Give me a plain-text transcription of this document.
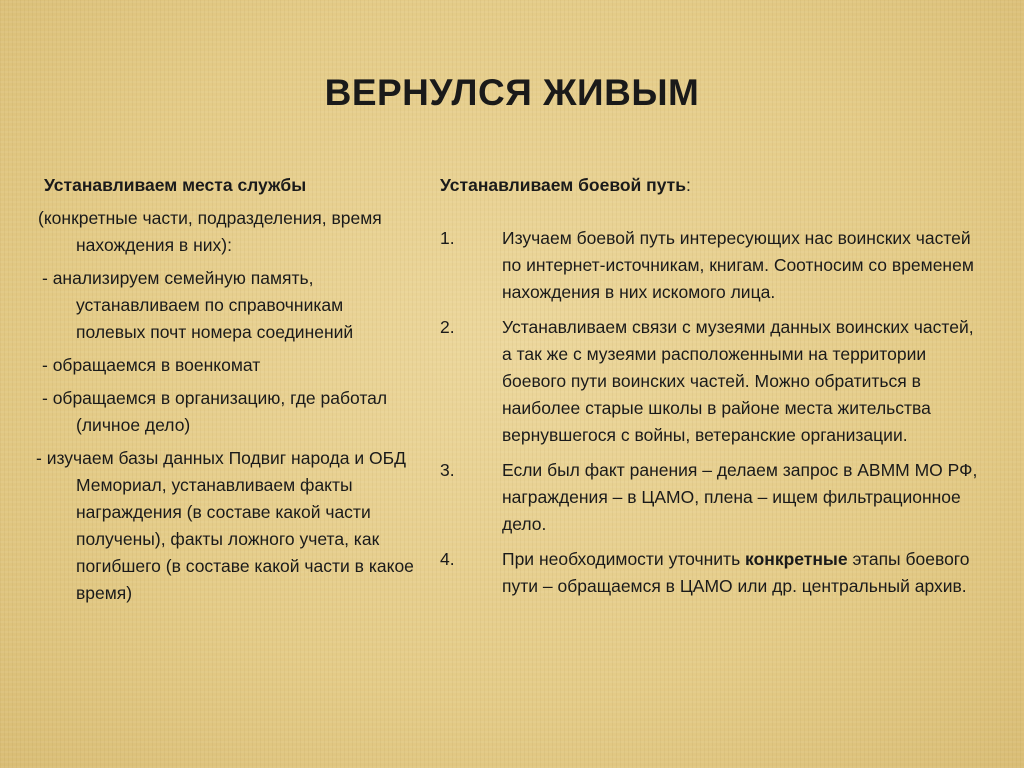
ВЕРНУЛСЯ ЖИВЫМ
Устанавливаем места службы
(конкретные части, подразделения, время нахождения в них):
- анализируем семейную память, устанавливаем по справочникам полевых почт номера соединений
- обращаемся в военкомат
- обращаемся в организацию, где работал (личное дело)
- изучаем базы данных Подвиг народа и ОБД Мемориал, устанавливаем факты награждения (в составе какой части получены), факты ложного учета, как погибшего (в составе какой части в какое время)
Устанавливаем боевой путь:
1.	Изучаем боевой путь интересующих нас воинских частей по интернет-источникам, книгам. Соотносим со временем нахождения в них искомого лица.
2.	Устанавливаем связи с музеями данных воинских частей, а так же с музеями расположенными на территории боевого пути воинских частей. Можно обратиться в наиболее старые школы в районе места жительства вернувшегося с войны, ветеранские организации.
3.	Если был факт ранения – делаем запрос в АВММ МО РФ, награждения – в ЦАМО, плена – ищем фильтрационное дело.
4.	При необходимости уточнить конкретные этапы боевого пути – обращаемся в ЦАМО или др. центральный архив.
